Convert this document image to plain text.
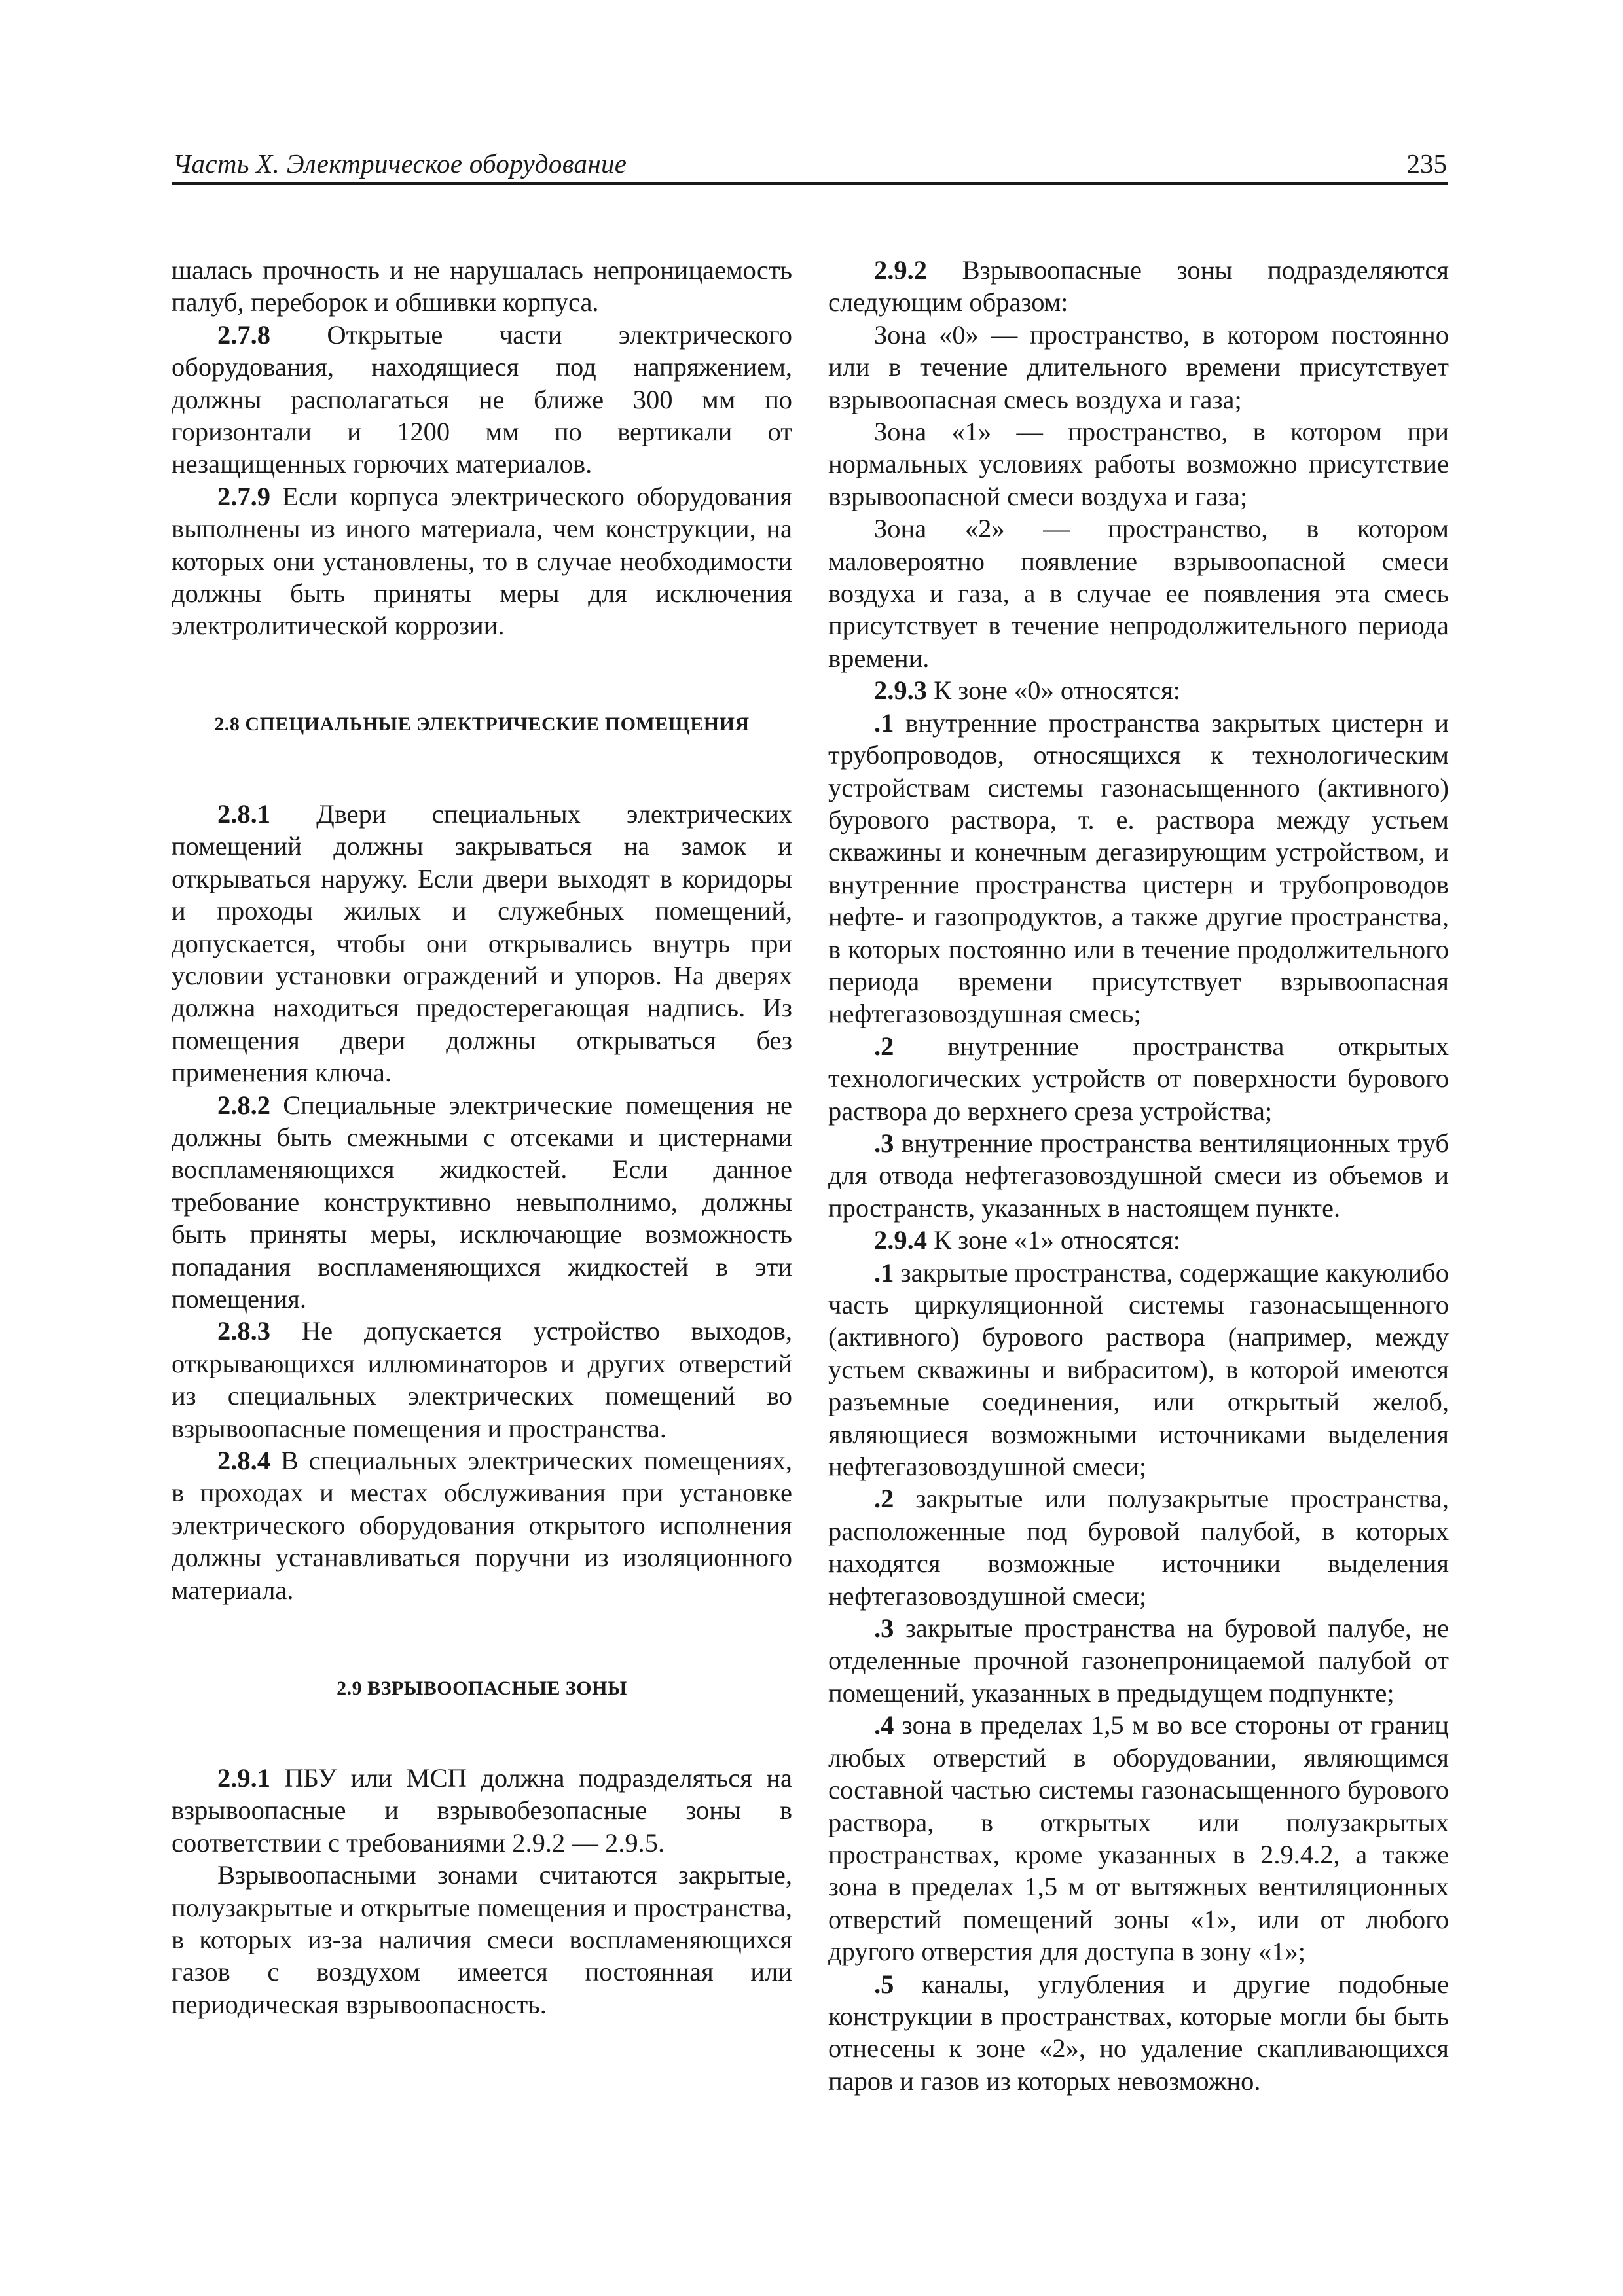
Часть X. Электрическое оборудование	235

шалась прочность и не нарушалась непроницаемость палуб, переборок и обшивки корпуса.

2.7.8 Открытые части электрического оборудования, находящиеся под напряжением, должны располагаться не ближе 300 мм по горизонтали и 1200 мм по вертикали от незащищенных горючих материалов.

2.7.9 Если корпуса электрического оборудования выполнены из иного материала, чем конструкции, на которых они установлены, то в случае необходимости должны быть приняты меры для исключения электролитической коррозии.

2.8 СПЕЦИАЛЬНЫЕ ЭЛЕКТРИЧЕСКИЕ ПОМЕЩЕНИЯ

2.8.1 Двери специальных электрических помещений должны закрываться на замок и открываться наружу. Если двери выходят в коридоры и проходы жилых и служебных помещений, допускается, чтобы они открывались внутрь при условии установки ограждений и упоров. На дверях должна находиться предостерегающая надпись. Из помещения двери должны открываться без применения ключа.

2.8.2 Специальные электрические помещения не должны быть смежными с отсеками и цистернами воспламеняющихся жидкостей. Если данное требование конструктивно невыполнимо, должны быть приняты меры, исключающие возможность попадания воспламеняющихся жидкостей в эти помещения.

2.8.3 Не допускается устройство выходов, открывающихся иллюминаторов и других отверстий из специальных электрических помещений во взрывоопасные помещения и пространства.

2.8.4 В специальных электрических помещениях, в проходах и местах обслуживания при установке электрического оборудования открытого исполнения должны устанавливаться поручни из изоляционного материала.

2.9 ВЗРЫВООПАСНЫЕ ЗОНЫ

2.9.1 ПБУ или МСП должна подразделяться на взрывоопасные и взрывобезопасные зоны в соответствии с требованиями 2.9.2 — 2.9.5.

Взрывоопасными зонами считаются закрытые, полузакрытые и открытые помещения и пространства, в которых из-за наличия смеси воспламеняющихся газов с воздухом имеется постоянная или периодическая взрывоопасность.

2.9.2 Взрывоопасные зоны подразделяются следующим образом:

Зона «0» — пространство, в котором постоянно или в течение длительного времени присутствует взрывоопасная смесь воздуха и газа;

Зона «1» — пространство, в котором при нормальных условиях работы возможно присутствие взрывоопасной смеси воздуха и газа;

Зона «2» — пространство, в котором маловероятно появление взрывоопасной смеси воздуха и газа, а в случае ее появления эта смесь присутствует в течение непродолжительного периода времени.

2.9.3 К зоне «0» относятся:

.1 внутренние пространства закрытых цистерн и трубопроводов, относящихся к технологическим устройствам системы газонасыщенного (активного) бурового раствора, т. е. раствора между устьем скважины и конечным дегазирующим устройством, и внутренние пространства цистерн и трубопроводов нефте- и газопродуктов, а также другие пространства, в которых постоянно или в течение продолжительного периода времени присутствует взрывоопасная нефтегазовоздушная смесь;

.2 внутренние пространства открытых технологических устройств от поверхности бурового раствора до верхнего среза устройства;

.3 внутренние пространства вентиляционных труб для отвода нефтегазовоздушной смеси из объемов и пространств, указанных в настоящем пункте.

2.9.4 К зоне «1» относятся:

.1 закрытые пространства, содержащие какуюлибо часть циркуляционной системы газонасыщенного (активного) бурового раствора (например, между устьем скважины и вибраситом), в которой имеются разъемные соединения, или открытый желоб, являющиеся возможными источниками выделения нефтегазовоздушной смеси;

.2 закрытые или полузакрытые пространства, расположенные под буровой палубой, в которых находятся возможные источники выделения нефтегазовоздушной смеси;

.3 закрытые пространства на буровой палубе, не отделенные прочной газонепроницаемой палубой от помещений, указанных в предыдущем подпункте;

.4 зона в пределах 1,5 м во все стороны от границ любых отверстий в оборудовании, являющимся составной частью системы газонасыщенного бурового раствора, в открытых или полузакрытых пространствах, кроме указанных в 2.9.4.2, а также зона в пределах 1,5 м от вытяжных вентиляционных отверстий помещений зоны «1», или от любого другого отверстия для доступа в зону «1»;

.5 каналы, углубления и другие подобные конструкции в пространствах, которые могли бы быть отнесены к зоне «2», но удаление скапливающихся паров и газов из которых невозможно.
